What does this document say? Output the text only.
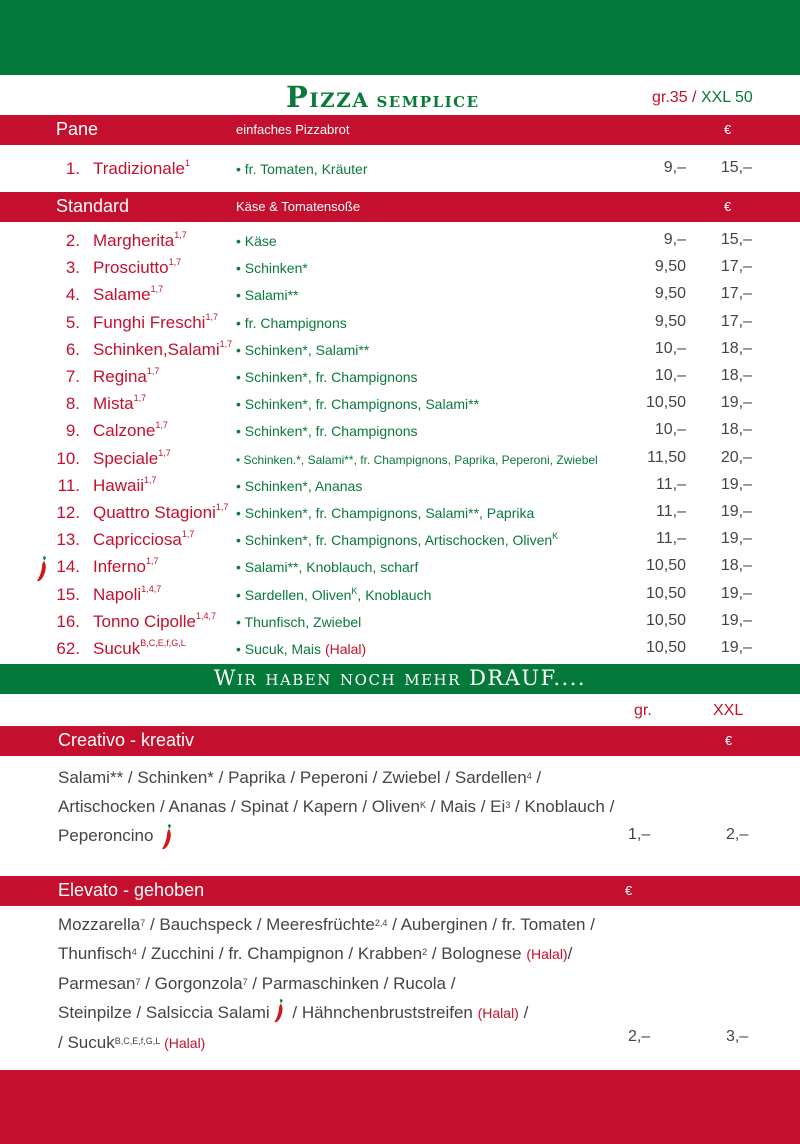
Pizza semplice	gr.35 / XXL 50
Pane	einfaches Pizzabrot	€
1. Tradizionale$^1$	• fr. Tomaten, Kräuter	9,– 15,–
Standard	Käse & Tomatensoße	€
2. Margherita$^{1,7}$	• Käse	9,– 15,–
3. Prosciutto$^{1,7}$	• Schinken*	9,50 17,–
4. Salame$^{1,7}$	• Salami**	9,50 17,–
5. Funghi Freschi$^{1,7}$ • fr. Champignons	9,50 17,–
6. Schinken,Salami$^{1,7}$ • Schinken*, Salami**	10,– 18,–
7. Regina$^{1,7}$	• Schinken*, fr. Champignons	10,– 18,–
8. Mista$^{1,7}$	• Schinken*, fr. Champignons, Salami**	10,50 19,–
9. Calzone$^{1,7}$	• Schinken*, fr. Champignons	10,– 18,–
10. Speciale$^{1,7}$	• Schinken.*, Salami**, fr. Champignons, Paprika, Peperoni, Zwiebel	11,50 20,–
11. Hawaii$^{1,7}$	• Schinken*, Ananas	11,– 19,–
12. Quattro Stagioni$^{1,7}$ • Schinken*, fr. Champignons, Salami**, Paprika	11,– 19,–
13. Capricciosa$^{1,7}$	• Schinken*, fr. Champignons, Artischocken, Oliven$^K$	11,– 19,–
14. Inferno$^{1,7}$	• Salami**, Knoblauch, scharf	10,50 18,–
15. Napoli$^{1,4,7}$	• Sardellen, Oliven$^K$, Knoblauch	10,50 19,–
16. Tonno Cipolle$^{1,4,7}$ • Thunfisch, Zwiebel	10,50 19,–
62. Sucuk$^{B,C,E,f,G,L}$	• Sucuk, Mais (Halal)	10,50 19,–
Wir haben noch mehr DRAUF....
gr.	XXL
Creativo - kreativ	€
Salami** / Schinken* / Paprika / Peperoni / Zwiebel / Sardellen$^4$ /
Artischocken / Ananas / Spinat / Kapern / Oliven$^K$ / Mais / Ei$^3$ / Knoblauch /
Peperoncino	1,–	2,–
Elevato - gehoben	€
Mozzarella$^7$ / Bauchspeck / Meeresfrüchte$^{2,4}$ / Auberginen / fr. Tomaten /
Thunfisch$^4$ / Zucchini / fr. Champignon / Krabben$^2$ / Bolognese (Halal)/
Parmesan$^7$ / Gorgonzola$^7$ / Parmaschinken / Rucola /
Steinpilze / Salsiccia Salami / Hähnchenbruststreifen (Halal) /
/ Sucuk$^{B,C,E,f,G,L}$ (Halal)	2,–	3,–
